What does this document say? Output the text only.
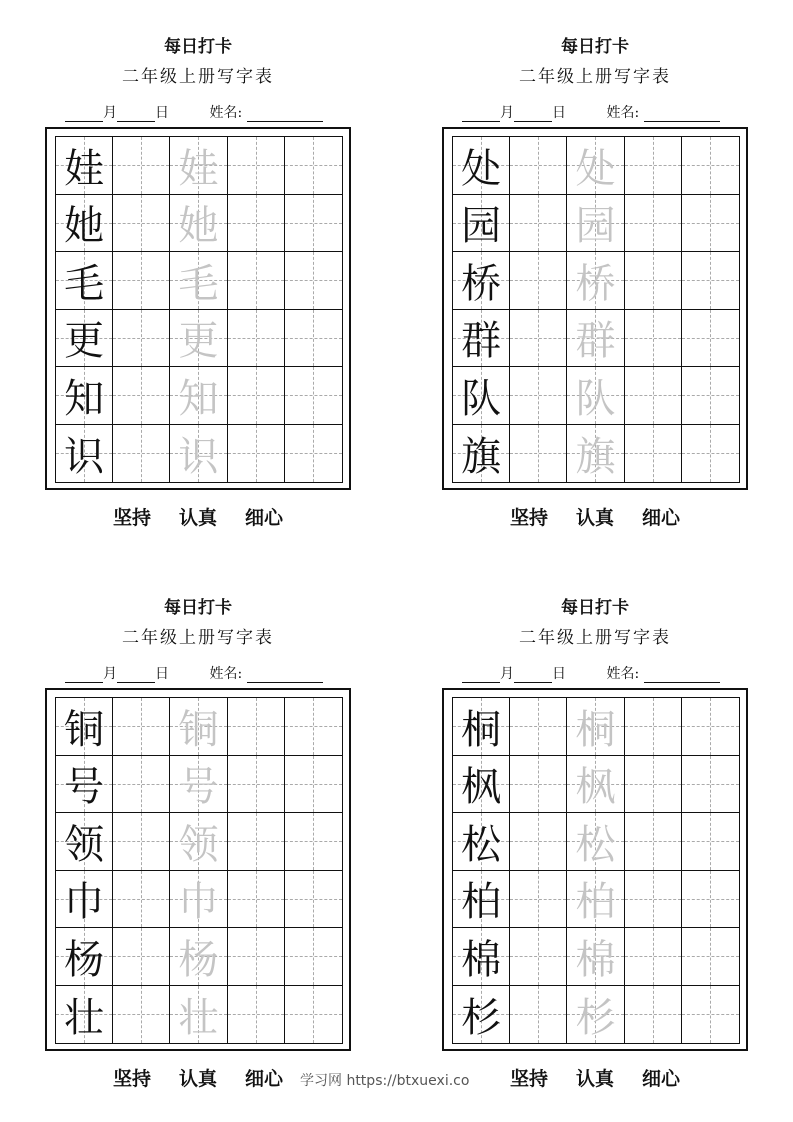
每日打卡
二年级上册写字表
月	日	姓名:
娃 娃
她 她
毛 毛
更 更
知 知
识 识
坚持 认真 细心
每日打卡
二年级上册写字表
月	日	姓名:
处 处
园 园
桥 桥
群 群
队 队
旗 旗
坚持 认真 细心
每日打卡
二年级上册写字表
月	日	姓名:
铜 铜
号 号
领 领
巾 巾
杨 杨
壮 壮
坚持 认真 细心
每日打卡
二年级上册写字表
月	日	姓名:
桐 桐
枫 枫
松 松
柏 柏
棉 棉
杉 杉
坚持 认真 细心
学习网 https://btxuexi.co
